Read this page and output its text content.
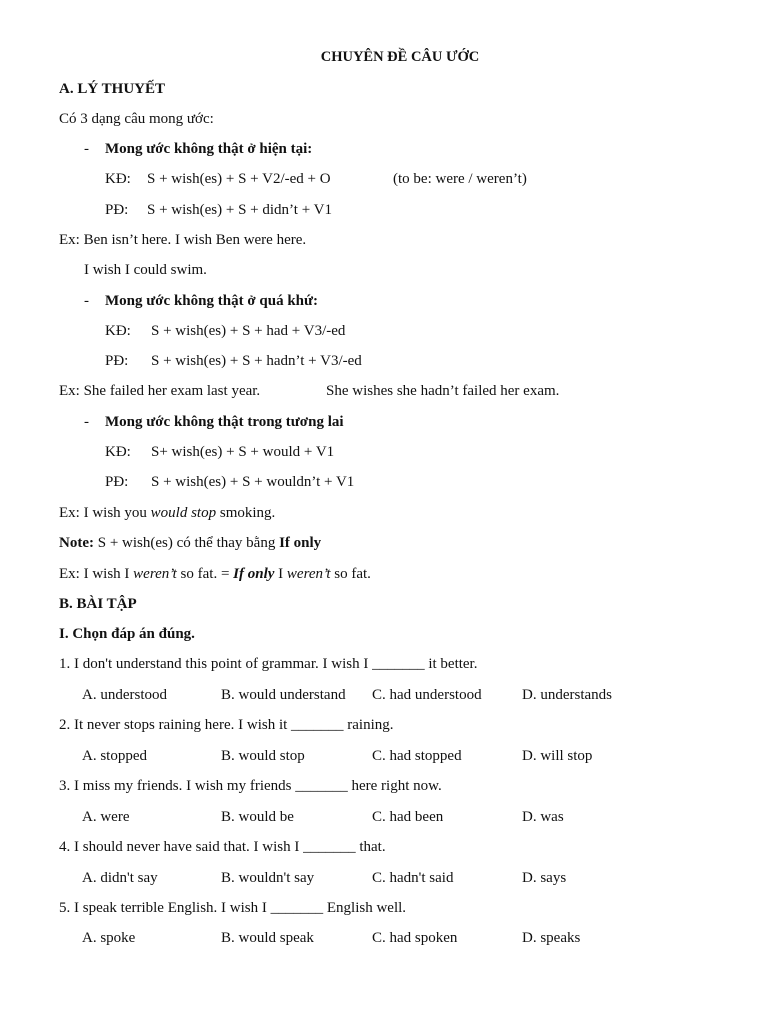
CHUYÊN ĐỀ CÂU ƯỚC
A. LÝ THUYẾT
Có 3 dạng câu mong ước:
- Mong ước không thật ở hiện tại:
KĐ: S + wish(es) + S + V2/-ed + O	(to be: were / weren’t)
PĐ: S + wish(es) + S + didn’t + V1
Ex: Ben isn’t here. I wish Ben were here.
I wish I could swim.
- Mong ước không thật ở quá khứ:
KĐ: S + wish(es) + S + had + V3/-ed
PĐ: S + wish(es) + S + hadn’t + V3/-ed
Ex: She failed her exam last year.	She wishes she hadn’t failed her exam.
- Mong ước không thật trong tương lai
KĐ: S+ wish(es) + S + would + V1
PĐ: S + wish(es) + S + wouldn’t + V1
Ex: I wish you would stop smoking.
Note: S + wish(es) có thể thay bằng If only
Ex: I wish I weren’t so fat. = If only I weren’t so fat.
B. BÀI TẬP
I. Chọn đáp án đúng.
1. I don't understand this point of grammar. I wish I _______ it better.
A. understood	B. would understand C. had understood	D. understands
2. It never stops raining here. I wish it _______ raining.
A. stopped	B. would stop	C. had stopped	D. will stop
3. I miss my friends. I wish my friends _______ here right now.
A. were	B. would be	C. had been	D. was
4. I should never have said that. I wish I _______ that.
A. didn't say	B. wouldn't say	C. hadn't said	D. says
5. I speak terrible English. I wish I _______ English well.
A. spoke	B. would speak	C. had spoken	D. speaks
